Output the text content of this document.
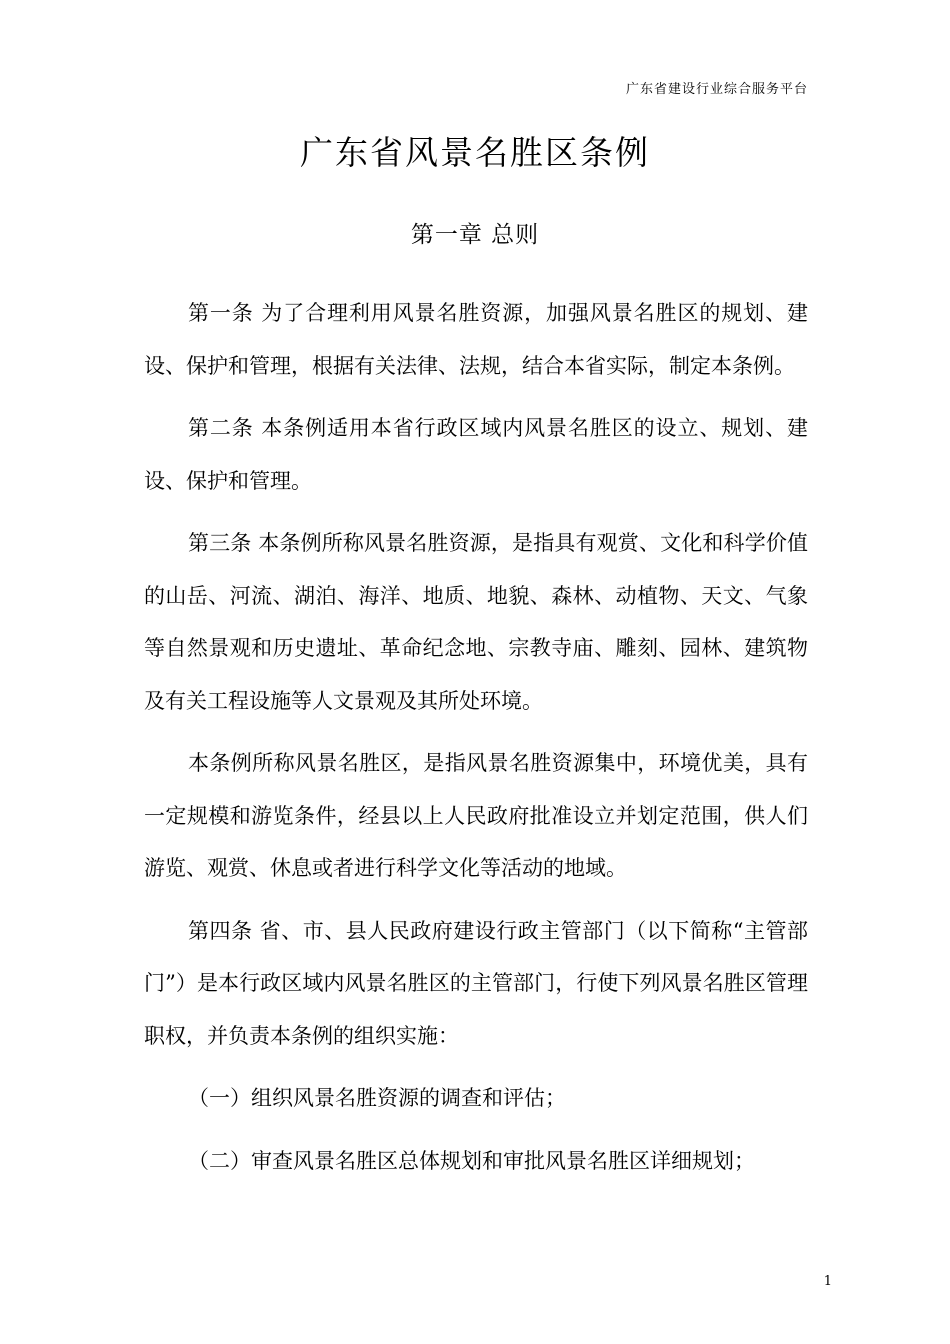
广东省建设行业综合服务平台
广东省风景名胜区条例
第一章 总则

第一条 为了合理利用风景名胜资源，加强风景名胜区的规划、建设、保护和管理，根据有关法律、法规，结合本省实际，制定本条例。

第二条 本条例适用本省行政区域内风景名胜区的设立、规划、建设、保护和管理。

第三条 本条例所称风景名胜资源，是指具有观赏、文化和科学价值的山岳、河流、湖泊、海洋、地质、地貌、森林、动植物、天文、气象等自然景观和历史遗址、革命纪念地、宗教寺庙、雕刻、园林、建筑物及有关工程设施等人文景观及其所处环境。

本条例所称风景名胜区，是指风景名胜资源集中，环境优美，具有一定规模和游览条件，经县以上人民政府批准设立并划定范围，供人们游览、观赏、休息或者进行科学文化等活动的地域。

第四条 省、市、县人民政府建设行政主管部门（以下简称“主管部门”）是本行政区域内风景名胜区的主管部门，行使下列风景名胜区管理职权，并负责本条例的组织实施：

（一）组织风景名胜资源的调查和评估；

（二）审查风景名胜区总体规划和审批风景名胜区详细规划；

1
